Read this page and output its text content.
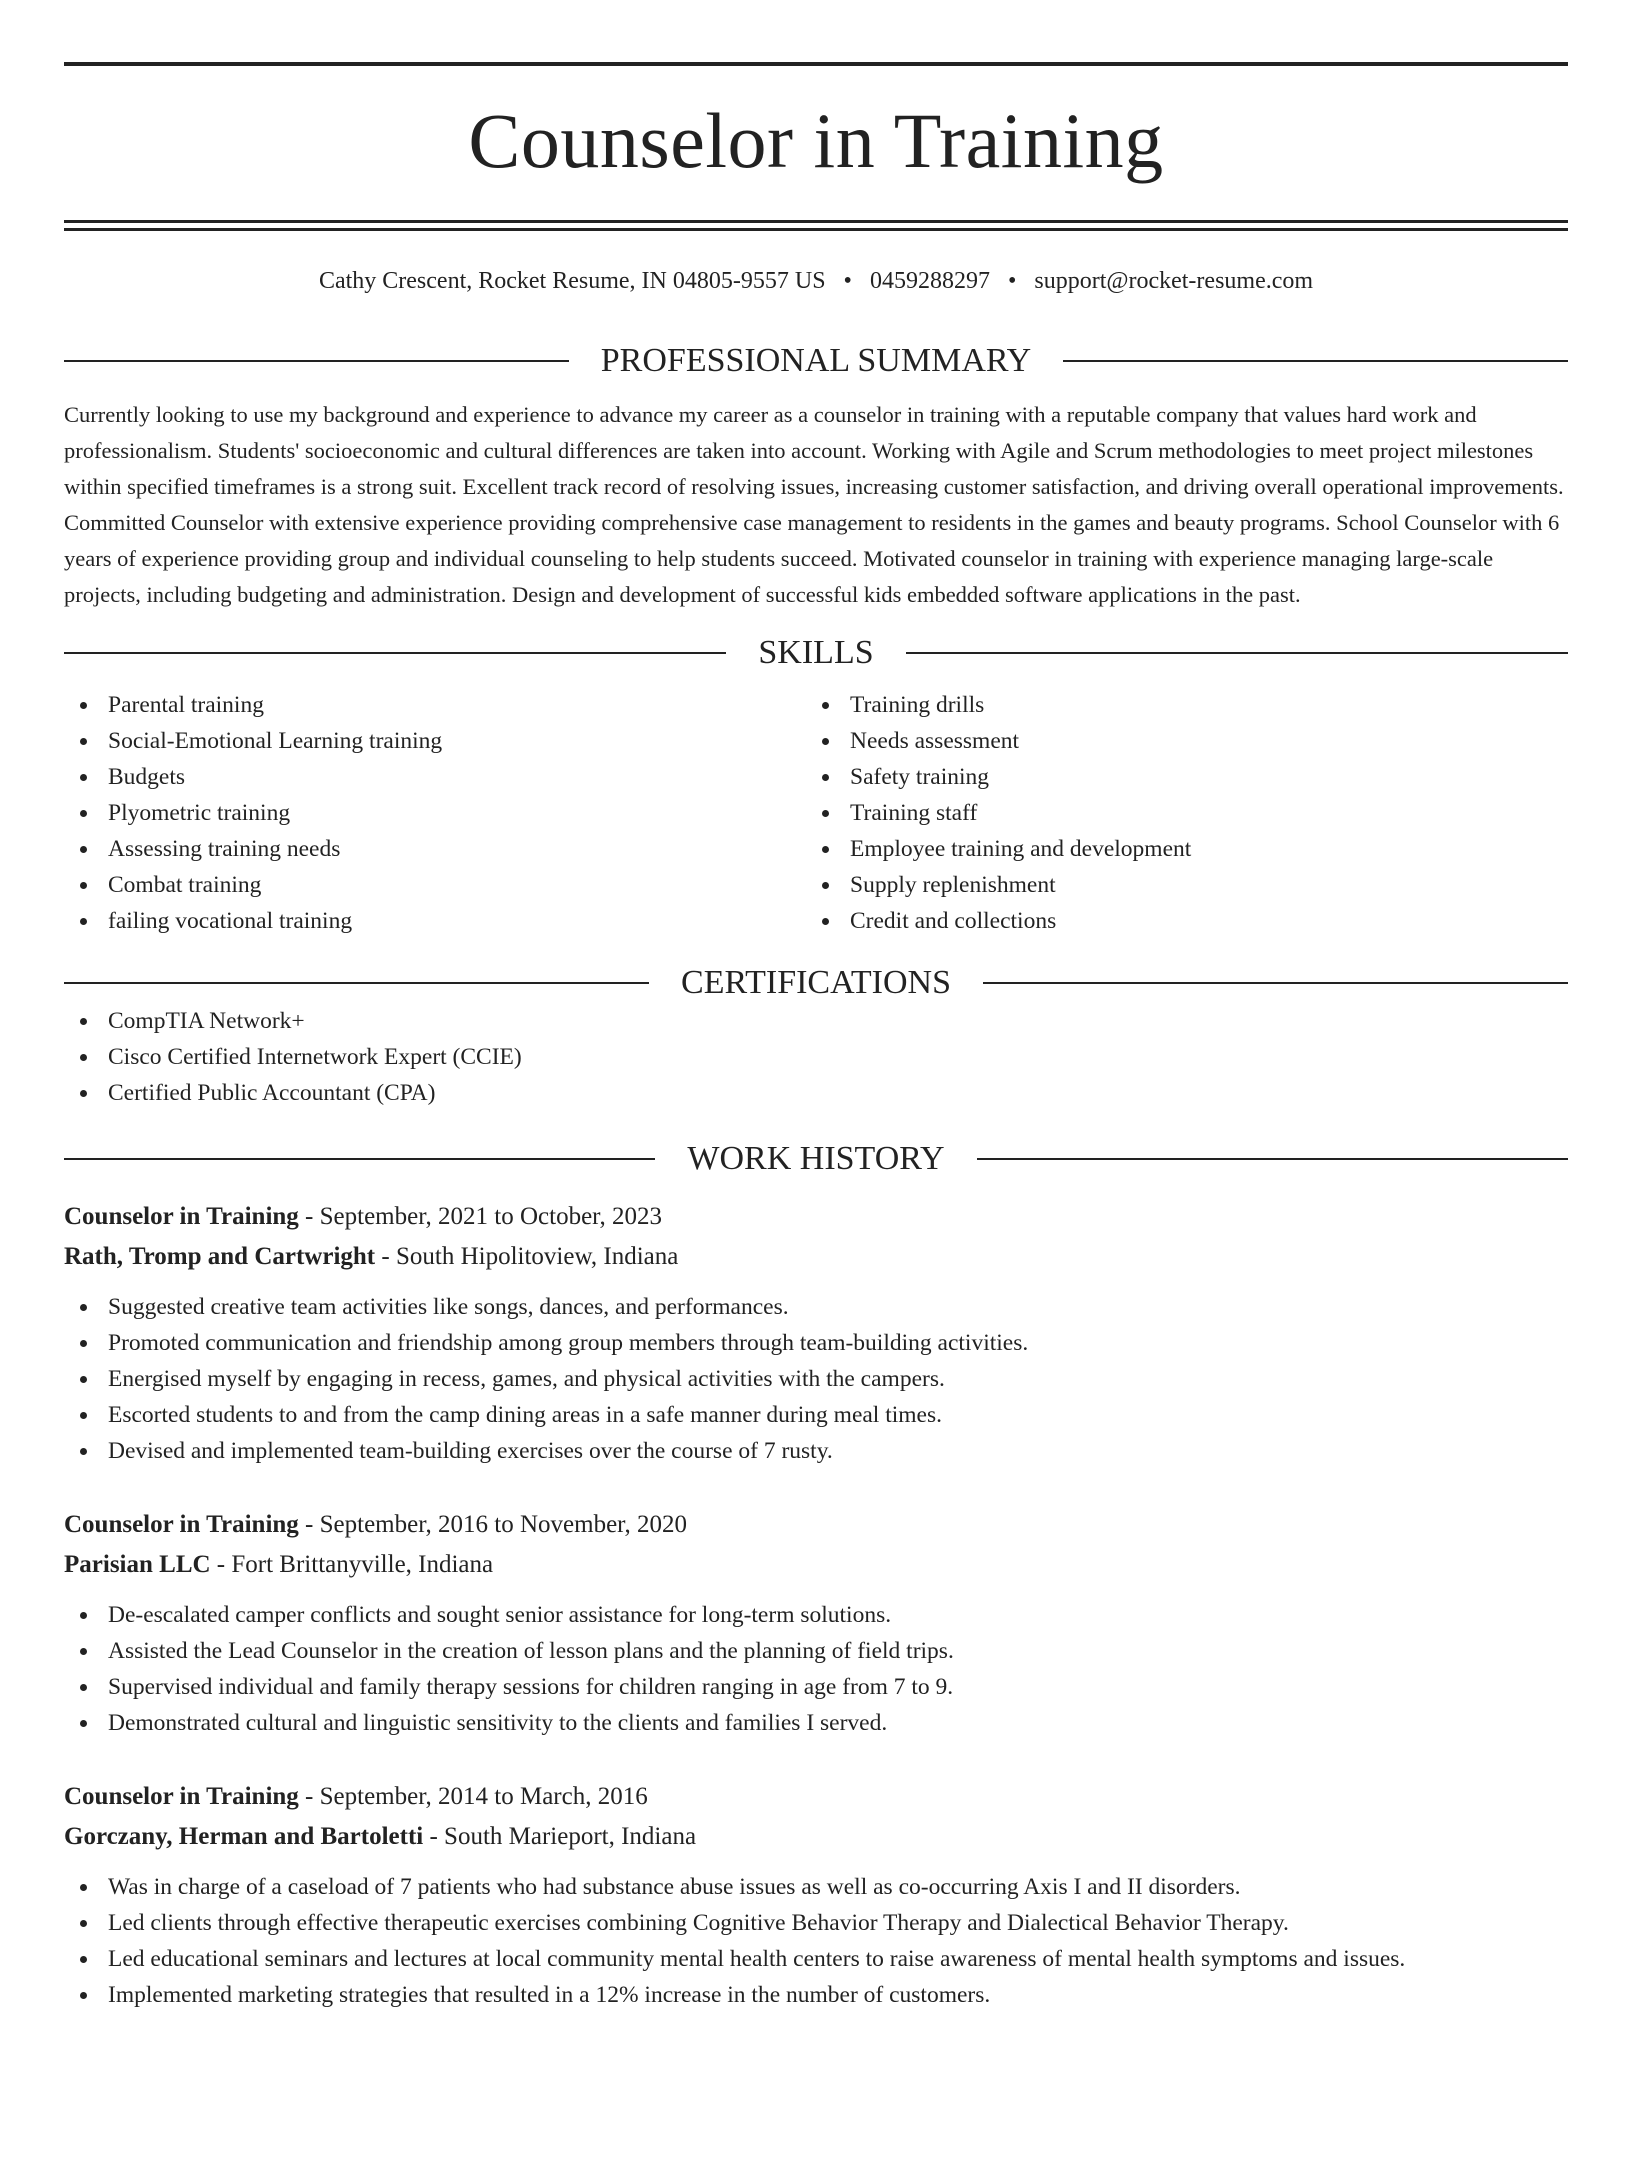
Counselor in Training
Cathy Crescent, Rocket Resume, IN 04805-9557 US • 0459288297 • support@rocket-resume.com
PROFESSIONAL SUMMARY

Currently looking to use my background and experience to advance my career as a counselor in training with a reputable company that values hard work and professionalism. Students' socioeconomic and cultural differences are taken into account. Working with Agile and Scrum methodologies to meet project milestones within specified timeframes is a strong suit. Excellent track record of resolving issues, increasing customer satisfaction, and driving overall operational improvements. Committed Counselor with extensive experience providing comprehensive case management to residents in the games and beauty programs. School Counselor with 6 years of experience providing group and individual counseling to help students succeed. Motivated counselor in training with experience managing large-scale projects, including budgeting and administration. Design and development of successful kids embedded software applications in the past.

SKILLS
Parental training
Social-Emotional Learning training
Budgets
Plyometric training
Assessing training needs
Combat training
failing vocational training
Training drills
Needs assessment
Safety training
Training staff
Employee training and development
Supply replenishment
Credit and collections
CERTIFICATIONS
CompTIA Network+
Cisco Certified Internetwork Expert (CCIE)
Certified Public Accountant (CPA)
WORK HISTORY
Counselor in Training - September, 2021 to October, 2023
Rath, Tromp and Cartwright - South Hipolitoview, Indiana
Suggested creative team activities like songs, dances, and performances.
Promoted communication and friendship among group members through team-building activities.
Energised myself by engaging in recess, games, and physical activities with the campers.
Escorted students to and from the camp dining areas in a safe manner during meal times.
Devised and implemented team-building exercises over the course of 7 rusty.
Counselor in Training - September, 2016 to November, 2020
Parisian LLC - Fort Brittanyville, Indiana
De-escalated camper conflicts and sought senior assistance for long-term solutions.
Assisted the Lead Counselor in the creation of lesson plans and the planning of field trips.
Supervised individual and family therapy sessions for children ranging in age from 7 to 9.
Demonstrated cultural and linguistic sensitivity to the clients and families I served.
Counselor in Training - September, 2014 to March, 2016
Gorczany, Herman and Bartoletti - South Marieport, Indiana
Was in charge of a caseload of 7 patients who had substance abuse issues as well as co-occurring Axis I and II disorders.
Led clients through effective therapeutic exercises combining Cognitive Behavior Therapy and Dialectical Behavior Therapy.
Led educational seminars and lectures at local community mental health centers to raise awareness of mental health symptoms and issues.
Implemented marketing strategies that resulted in a 12% increase in the number of customers.
